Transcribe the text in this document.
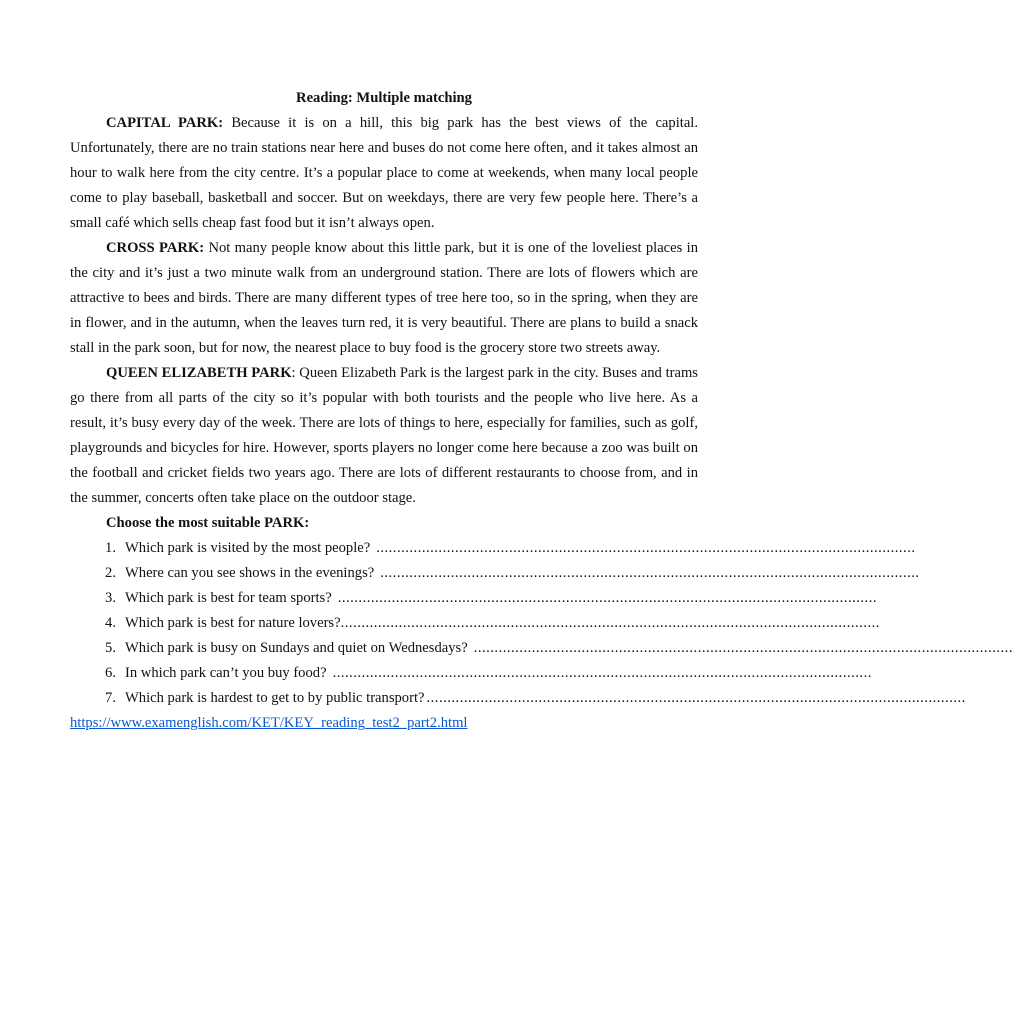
Reading: Multiple matching

CAPITAL PARK: Because it is on a hill, this big park has the best views of the capital. Unfortunately, there are no train stations near here and buses do not come here often, and it takes almost an hour to walk here from the city centre. It’s a popular place to come at weekends, when many local people come to play baseball, basketball and soccer. But on weekdays, there are very few people here. There’s a small café which sells cheap fast food but it isn’t always open.

CROSS PARK: Not many people know about this little park, but it is one of the loveliest places in the city and it’s just a two minute walk from an underground station. There are lots of flowers which are attractive to bees and birds. There are many different types of tree here too, so in the spring, when they are in flower, and in the autumn, when the leaves turn red, it is very beautiful. There are plans to build a snack stall in the park soon, but for now, the nearest place to buy food is the grocery store two streets away.

QUEEN ELIZABETH PARK: Queen Elizabeth Park is the largest park in the city. Buses and trams go there from all parts of the city so it’s popular with both tourists and the people who live here. As a result, it’s busy every day of the week. There are lots of things to here, especially for families, such as golf, playgrounds and bicycles for hire. However, sports players no longer come here because a zoo was built on the football and cricket fields two years ago. There are lots of different restaurants to choose from, and in the summer, concerts often take place on the outdoor stage.

Choose the most suitable PARK:

1. Which park is visited by the most people? ..................................................................................................................................
2. Where can you see shows in the evenings? ..................................................................................................................................
3. Which park is best for team sports? ..................................................................................................................................
4. Which park is best for nature lovers? ..................................................................................................................................
5. Which park is busy on Sundays and quiet on Wednesdays? ..................................................................................................................................
6. In which park can’t you buy food? ..................................................................................................................................
7. Which park is hardest to get to by public transport? ..................................................................................................................................
https://www.examenglish.com/KET/KEY_reading_test2_part2.html
